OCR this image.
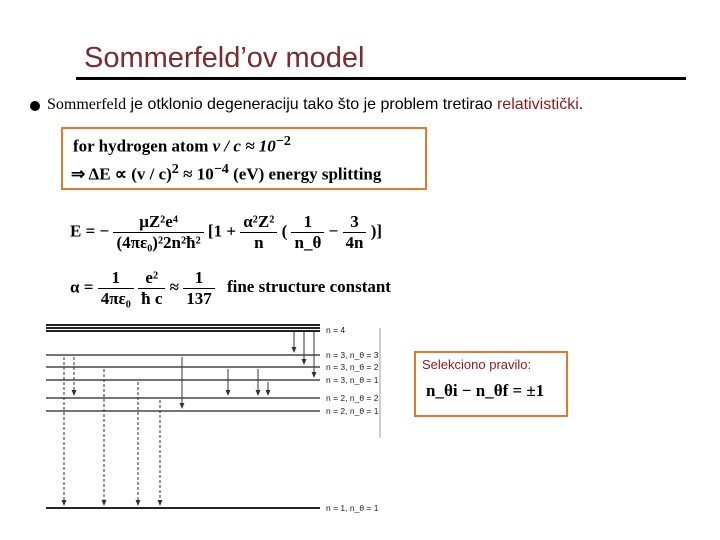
Sommerfeld’ov model
Sommerfeld je otklonio degeneraciju tako što je problem tretirao relativistički.
for hydrogen atom $v / c \approx 10^{-2}$
⇒ $\Delta E \propto (v / c)^2 \approx 10^{-4}$ (eV) energy splitting
E = − $\frac{\text{μZ²e⁴}}{\text{(4πε₀)²2n²ħ²}} [1 + \frac{\text{α²Z²}}{n}$ ( $\frac{1}{n\_\theta} - \frac{3}{4n}$ )]
$\alpha = \frac{1}{\text{4πε₀}}$
$\frac{\text{e²}}{\text{ħ c}} \approx \frac{1}{137}$ fine structure constant
n = 4
n = 3, n_θ = 3
n = 3, n_θ = 2
n = 3, n_θ = 1
n = 2, n_θ = 2
n = 2, n_θ = 1
n = 1, n_θ = 1
Selekciono pravilo:
n_θi − n_θf = ±1
